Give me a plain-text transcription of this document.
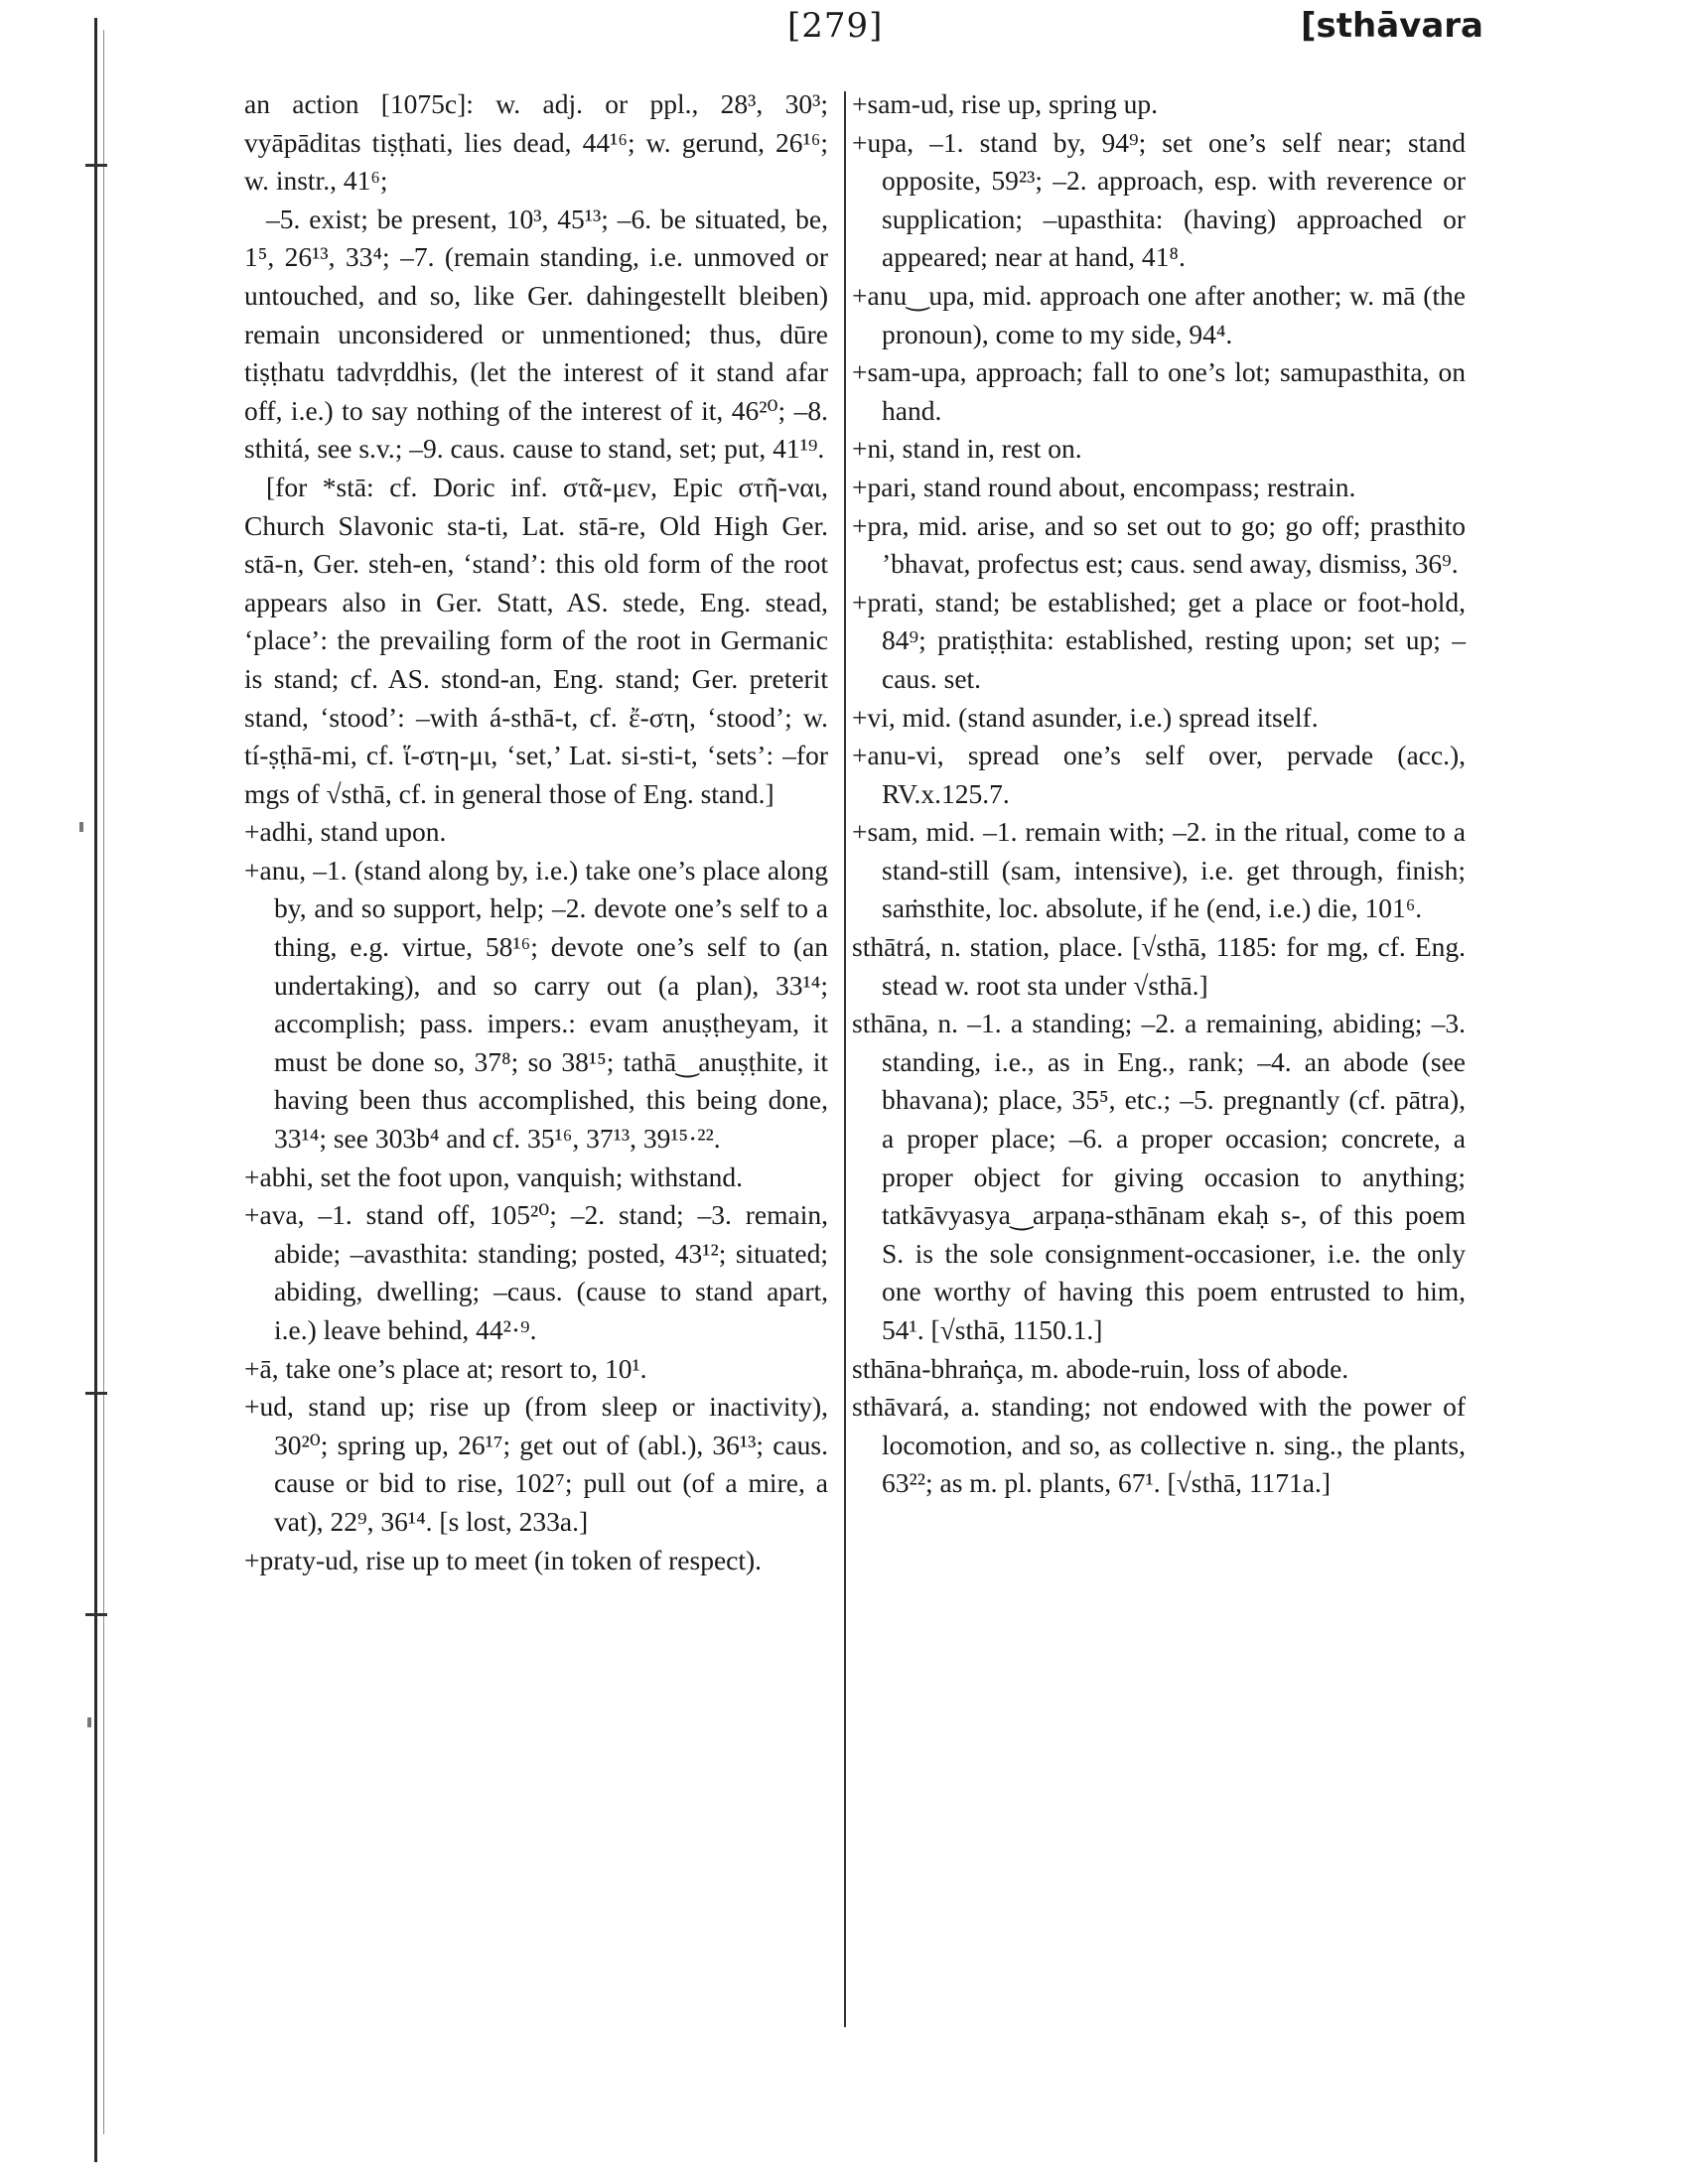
[279]	[sthāvara

an action [1075c]: w. adj. or ppl., 28³, 30³; vyāpāditas tiṣṭhati, lies dead, 44¹⁶; w. gerund, 26¹⁶; w. instr., 41⁶;

–5. exist; be present, 10³, 45¹³; –6. be situated, be, 1⁵, 26¹³, 33⁴; –7. (remain standing, i.e. unmoved or untouched, and so, like Ger. dahingestellt bleiben) remain unconsidered or unmentioned; thus, dūre tiṣṭhatu tadvṛddhis, (let the interest of it stand afar off, i.e.) to say nothing of the interest of it, 46²⁰; –8. sthitá, see s.v.; –9. caus. cause to stand, set; put, 41¹⁹.

[for *stā: cf. Doric inf. στᾶ-μεν, Epic στῆ-ναι, Church Slavonic sta-ti, Lat. stā-re, Old High Ger. stā-n, Ger. steh-en, ‘stand’: this old form of the root appears also in Ger. Statt, AS. stede, Eng. stead, ‘place’: the prevailing form of the root in Germanic is stand; cf. AS. stond-an, Eng. stand; Ger. preterit stand, ‘stood’: –with á-sthā-t, cf. ἔ-στη, ‘stood’; w. tí-ṣṭhā-mi, cf. ἵ-στη-μι, ‘set,’ Lat. si-sti-t, ‘sets’: –for mgs of √sthā, cf. in general those of Eng. stand.]

+adhi, stand upon.

+anu, –1. (stand along by, i.e.) take one’s place along by, and so support, help; –2. devote one’s self to a thing, e.g. virtue, 58¹⁶; devote one’s self to (an undertaking), and so carry out (a plan), 33¹⁴; accomplish; pass. impers.: evam anuṣṭheyam, it must be done so, 37⁸; so 38¹⁵; tathā‿anuṣṭhite, it having been thus accomplished, this being done, 33¹⁴; see 303b⁴ and cf. 35¹⁶, 37¹³, 39¹⁵·²².

+abhi, set the foot upon, vanquish; withstand.

+ava, –1. stand off, 105²⁰; –2. stand; –3. remain, abide; –avasthita: standing; posted, 43¹²; situated; abiding, dwelling; –caus. (cause to stand apart, i.e.) leave behind, 44²·⁹.

+ā, take one’s place at; resort to, 10¹.

+ud, stand up; rise up (from sleep or inactivity), 30²⁰; spring up, 26¹⁷; get out of (abl.), 36¹³; caus. cause or bid to rise, 102⁷; pull out (of a mire, a vat), 22⁹, 36¹⁴. [s lost, 233a.]

+praty-ud, rise up to meet (in token of respect).

+sam-ud, rise up, spring up.

+upa, –1. stand by, 94⁹; set one’s self near; stand opposite, 59²³; –2. approach, esp. with reverence or supplication; –upasthita: (having) approached or appeared; near at hand, 41⁸.

+anu‿upa, mid. approach one after another; w. mā (the pronoun), come to my side, 94⁴.

+sam-upa, approach; fall to one’s lot; samupasthita, on hand.

+ni, stand in, rest on.

+pari, stand round about, encompass; restrain.

+pra, mid. arise, and so set out to go; go off; prasthito ’bhavat, profectus est; caus. send away, dismiss, 36⁹.

+prati, stand; be established; get a place or foot-hold, 84⁹; pratiṣṭhita: established, resting upon; set up; –caus. set.

+vi, mid. (stand asunder, i.e.) spread itself.

+anu-vi, spread one’s self over, pervade (acc.), RV.x.125.7.

+sam, mid. –1. remain with; –2. in the ritual, come to a stand-still (sam, intensive), i.e. get through, finish; saṁsthite, loc. absolute, if he (end, i.e.) die, 101⁶.

sthātrá, n. station, place. [√sthā, 1185: for mg, cf. Eng. stead w. root sta under √sthā.]

sthāna, n. –1. a standing; –2. a remaining, abiding; –3. standing, i.e., as in Eng., rank; –4. an abode (see bhavana); place, 35⁵, etc.; –5. pregnantly (cf. pātra), a proper place; –6. a proper occasion; concrete, a proper object for giving occasion to anything; tatkāvyasya‿arpaṇa-sthānam ekaḥ s-, of this poem S. is the sole consignment-occasioner, i.e. the only one worthy of having this poem entrusted to him, 54¹. [√sthā, 1150.1.]

sthāna-bhraṅça, m. abode-ruin, loss of abode.

sthāvará, a. standing; not endowed with the power of locomotion, and so, as collective n. sing., the plants, 63²²; as m. pl. plants, 67¹. [√sthā, 1171a.]
